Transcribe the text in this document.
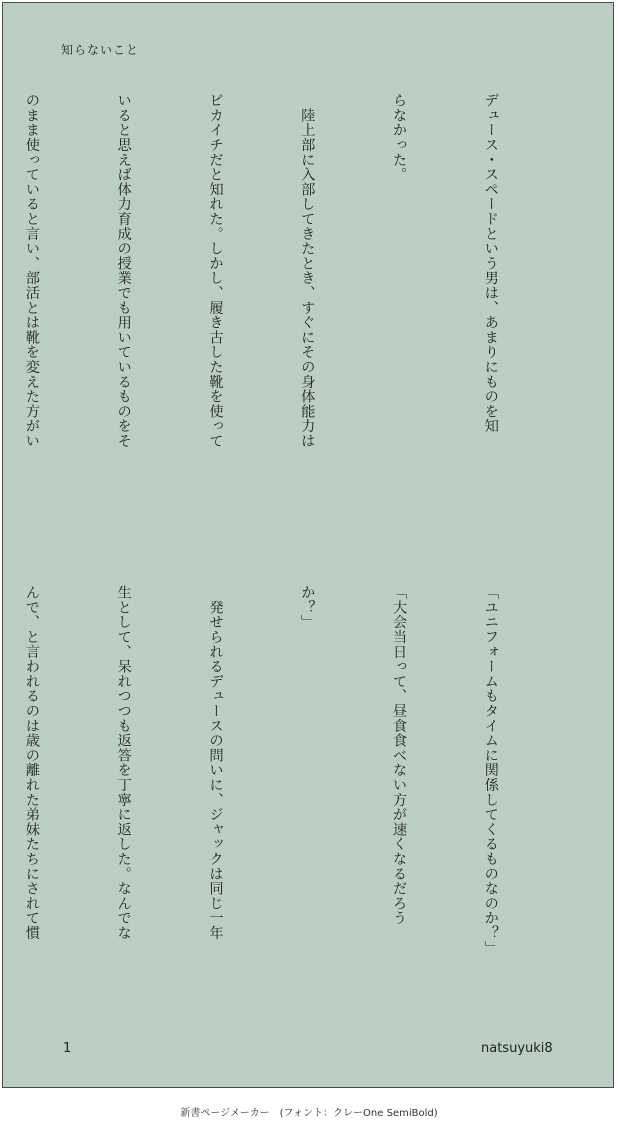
知らないこと

デュース・スペードという男は、あまりにものを知

らなかった。

　陸上部に入部してきたとき、すぐにその身体能力は

ピカイチだと知れた。しかし、履き古した靴を使って

いると思えば体力育成の授業でも用いているものをそ

のまま使っていると言い、部活とは靴を変えた方がい

「ユニフォームもタイムに関係してくるものなのか？」

「大会当日って、昼食食べない方が速くなるだろう

か？」

　発せられるデュースの問いに、ジャックは同じ一年

生として、呆れつつも返答を丁寧に返した。なんでな

んで、と言われるのは歳の離れた弟妹たちにされて慣

1	natsuyuki8
新書ページメーカー　(フォント：クレーOne SemiBold)
